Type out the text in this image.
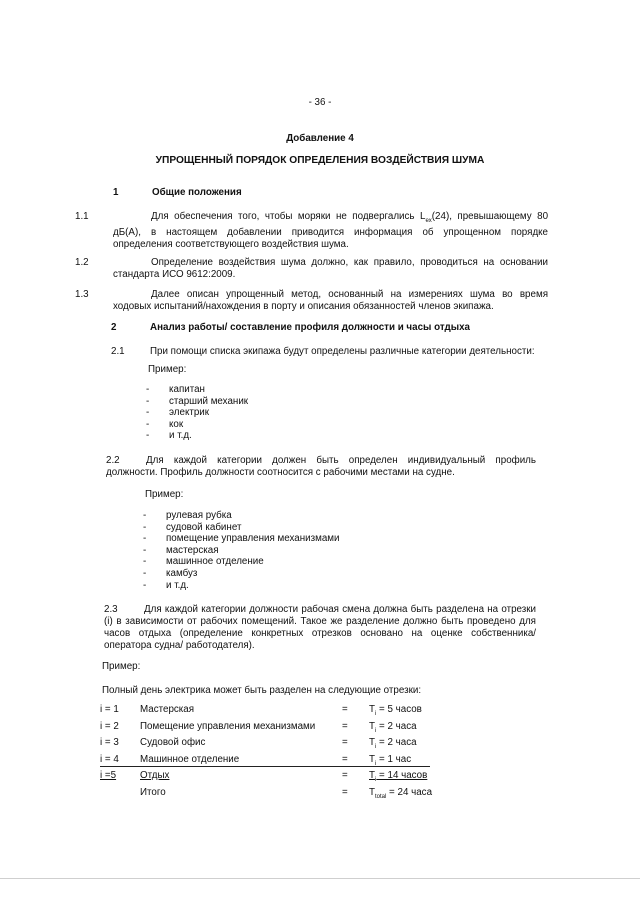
- 36 -
Добавление 4
УПРОЩЕННЫЙ ПОРЯДОК ОПРЕДЕЛЕНИЯ ВОЗДЕЙСТВИЯ ШУМА
1	Общие положения
1.1	Для обеспечения того, чтобы моряки не подвергались $L_{ex}(24)$, превышающему 80 дБ(A), в настоящем добавлении приводится информация об упрощенном порядке определения соответствующего воздействия шума.
1.2	Определение воздействия шума должно, как правило, проводиться на основании стандарта ИСО 9612:2009.
1.3	Далее описан упрощенный метод, основанный на измерениях шума во время ходовых испытаний/нахождения в порту и описания обязанностей членов экипажа.
2	Анализ работы/ составление профиля должности и часы отдыха
2.1	При помощи списка экипажа будут определены различные категории деятельности:
Пример:
- капитан
- старший механик
- электрик
- кок
- и т.д.
2.2	Для каждой категории должен быть определен индивидуальный профиль должности. Профиль должности соотносится с рабочими местами на судне.
Пример:
- рулевая рубка
- судовой кабинет
- помещение управления механизмами
- мастерская
- машинное отделение
- камбуз
- и т.д.
2.3	Для каждой категории должности рабочая смена должна быть разделена на отрезки (i) в зависимости от рабочих помещений. Такое же разделение должно быть проведено для часов отдыха (определение конкретных отрезков основано на оценке собственника/оператора судна/ работодателя).
Пример:
Полный день электрика может быть разделен на следующие отрезки:
i = 1	Мастерская	=	$T_i = 5$ часов
i = 2	Помещение управления механизмами	=	$T_i = 2$ часа
i = 3	Судовой офис	=	$T_i = 2$ часа
i = 4	Машинное отделение	=	$T_i = 1$ час
i =5	Отдых	=	$T_i = 14$ часов
	Итого	=	$T_{total} = 24$ часа
